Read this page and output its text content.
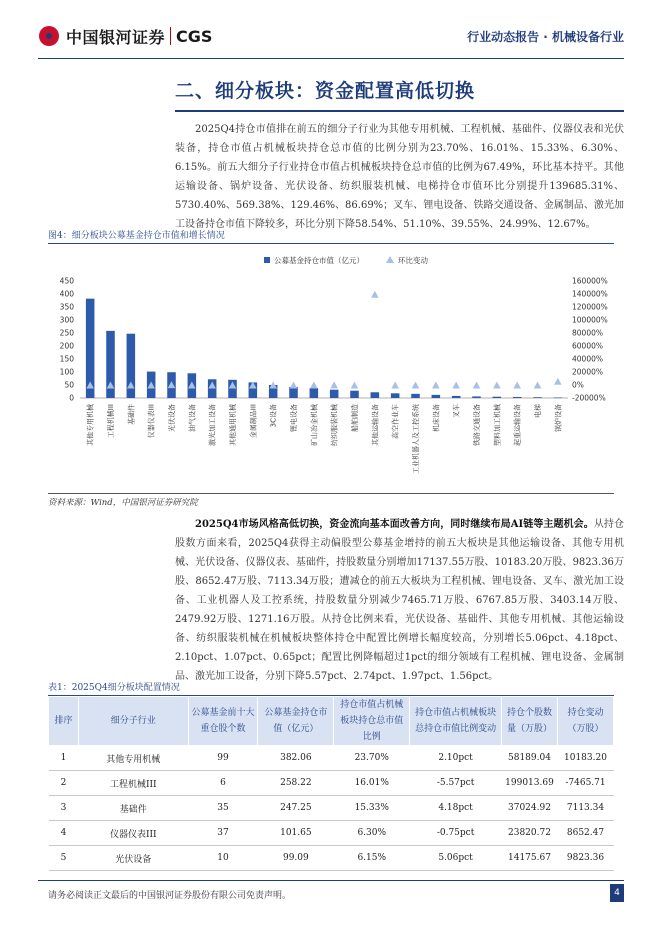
中国银河证券 CGS	行业动态报告 · 机械设备行业
二、细分板块：资金配置高低切换
2025Q4持仓市值排在前五的细分子行业为其他专用机械、工程机械、基础件、仪器仪表和光伏装备，持仓市值占机械板块持仓总市值的比例分别为23.70%、16.01%、15.33%、6.30%、6.15%。前五大细分子行业持仓市值占机械板块持仓总市值的比例为67.49%，环比基本持平。其他运输设备、锅炉设备、光伏设备、纺织服装机械、电梯持仓市值环比分别提升139685.31%、5730.40%、569.38%、129.46%、86.69%；叉车、锂电设备、铁路交通设备、金属制品、激光加工设备持仓市值下降较多，环比分别下降58.54%、51.10%、39.55%、24.99%、12.67%。
图4：细分板块公募基金持仓市值和增长情况
公募基金持仓市值（亿元）	环比变动
0
50
100
150
200
250
300
350
400
450
-20000%
0%
20000%
40000%
60000%
80000%
100000%
120000%
140000%
160000%
其他专用机械 工程机械III 基础件 仪器仪表III 光伏设备 油气设备 激光加工设备 其他通用机械 金属制品III 3C设备 锂电设备 矿山冶金机械 纺织服装机械 船舶制造 其他运输设备 高空作业车 工业机器人及工控系统 机床设备 叉车 铁路交通设备 塑料加工机械 起重运输设备 电梯 锅炉设备
资料来源：Wind，中国银河证券研究院
2025Q4市场风格高低切换，资金流向基本面改善方向，同时继续布局AI链等主题机会。从持仓股数方面来看，2025Q4获得主动偏股型公募基金增持的前五大板块是其他运输设备、其他专用机械、光伏设备、仪器仪表、基础件，持股数量分别增加17137.55万股、10183.20万股、9823.36万股、8652.47万股、7113.34万股；遭减仓的前五大板块为工程机械、锂电设备、叉车、激光加工设备、工业机器人及工控系统，持股数量分别减少7465.71万股、6767.85万股、3403.14万股、2479.92万股、1271.16万股。从持仓比例来看，光伏设备、基础件、其他专用机械、其他运输设备、纺织服装机械在机械板块整体持仓中配置比例增长幅度较高，分别增长5.06pct、4.18pct、2.10pct、1.07pct、0.65pct；配置比例降幅超过1pct的细分领域有工程机械、锂电设备、金属制品、激光加工设备，分别下降5.57pct、2.74pct、1.97pct、1.56pct。
表1：2025Q4细分板块配置情况
排序	细分子行业	公募基金前十大重仓股个数	公募基金持仓市值（亿元）	持仓市值占机械板块持仓总市值比例	持仓市值占机械板块总持仓市值比例变动	持仓个股数量（万股）	持仓变动（万股）
1	其他专用机械	99	382.06	23.70%	2.10pct	58189.04	10183.20
2	工程机械III	6	258.22	16.01%	-5.57pct	199013.69	-7465.71
3	基础件	35	247.25	15.33%	4.18pct	37024.92	7113.34
4	仪器仪表III	37	101.65	6.30%	-0.75pct	23820.72	8652.47
5	光伏设备	10	99.09	6.15%	5.06pct	14175.67	9823.36
请务必阅读正文最后的中国银河证券股份有限公司免责声明。	4
